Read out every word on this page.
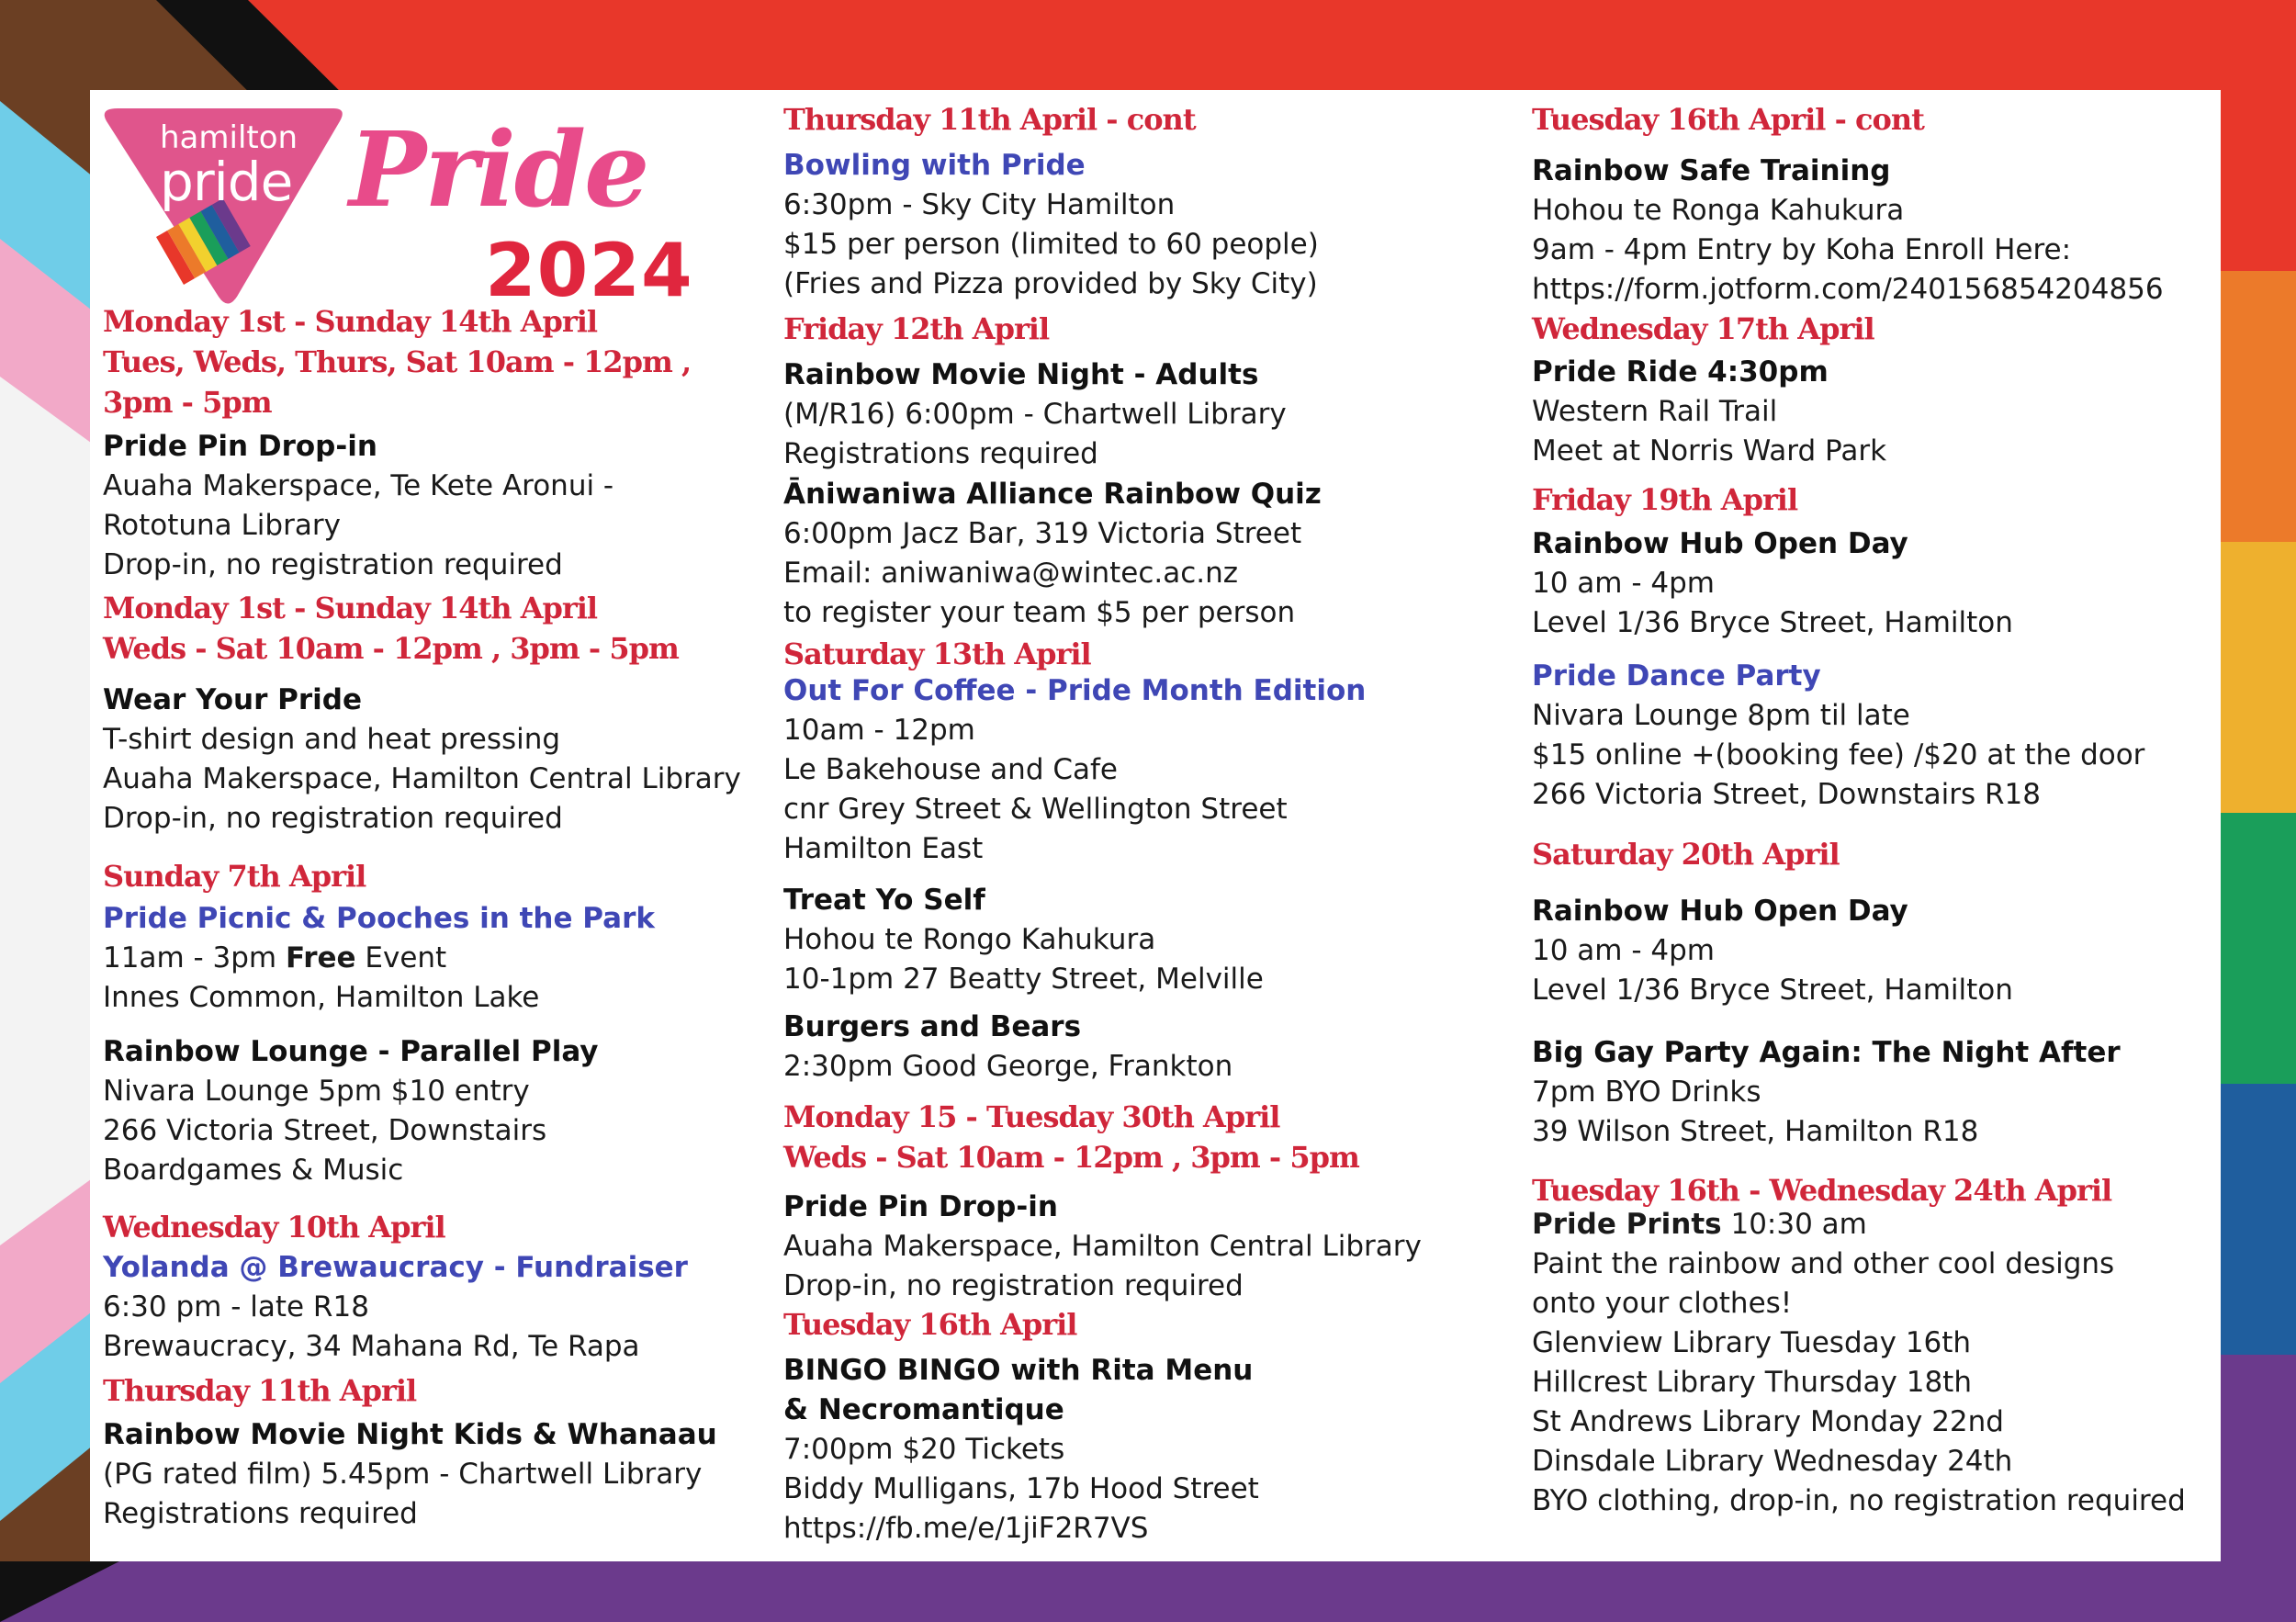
hamilton
pride Pride
2024
Monday 1st - Sunday 14th April
Tues, Weds, Thurs, Sat 10am - 12pm ,
3pm - 5pm
Pride Pin Drop-in
Auaha Makerspace, Te Kete Aronui -
Rototuna Library
Drop-in, no registration required
Monday 1st - Sunday 14th April
Weds - Sat 10am - 12pm , 3pm - 5pm
Wear Your Pride
T-shirt design and heat pressing
Auaha Makerspace, Hamilton Central Library
Drop-in, no registration required
Sunday 7th April
Pride Picnic & Pooches in the Park
11am - 3pm Free Event
Innes Common, Hamilton Lake
Rainbow Lounge - Parallel Play
Nivara Lounge 5pm $10 entry
266 Victoria Street, Downstairs
Boardgames & Music
Wednesday 10th April
Yolanda @ Brewaucracy - Fundraiser
6:30 pm - late R18
Brewaucracy, 34 Mahana Rd, Te Rapa
Thursday 11th April
Rainbow Movie Night Kids & Whanaau
(PG rated film) 5.45pm - Chartwell Library
Registrations required
Thursday 11th April - cont
Bowling with Pride
6:30pm - Sky City Hamilton
$15 per person (limited to 60 people)
(Fries and Pizza provided by Sky City)
Friday 12th April
Rainbow Movie Night - Adults
(M/R16) 6:00pm - Chartwell Library
Registrations required
Āniwaniwa Alliance Rainbow Quiz
6:00pm Jacz Bar, 319 Victoria Street
Email: aniwaniwa@wintec.ac.nz
to register your team $5 per person
Saturday 13th April
Out For Coffee - Pride Month Edition
10am - 12pm
Le Bakehouse and Cafe
cnr Grey Street & Wellington Street
Hamilton East
Treat Yo Self
Hohou te Rongo Kahukura
10-1pm 27 Beatty Street, Melville
Burgers and Bears
2:30pm Good George, Frankton
Monday 15 - Tuesday 30th April
Weds - Sat 10am - 12pm , 3pm - 5pm
Pride Pin Drop-in
Auaha Makerspace, Hamilton Central Library
Drop-in, no registration required
Tuesday 16th April
BINGO BINGO with Rita Menu
& Necromantique
7:00pm $20 Tickets
Biddy Mulligans, 17b Hood Street
https://fb.me/e/1jiF2R7VS
Tuesday 16th April - cont
Rainbow Safe Training
Hohou te Ronga Kahukura
9am - 4pm Entry by Koha Enroll Here:
https://form.jotform.com/240156854204856
Wednesday 17th April
Pride Ride 4:30pm
Western Rail Trail
Meet at Norris Ward Park
Friday 19th April
Rainbow Hub Open Day
10 am - 4pm
Level 1/36 Bryce Street, Hamilton
Pride Dance Party
Nivara Lounge 8pm til late
$15 online +(booking fee) /$20 at the door
266 Victoria Street, Downstairs R18
Saturday 20th April
Rainbow Hub Open Day
10 am - 4pm
Level 1/36 Bryce Street, Hamilton
Big Gay Party Again: The Night After
7pm BYO Drinks
39 Wilson Street, Hamilton R18
Tuesday 16th - Wednesday 24th April
Pride Prints 10:30 am
Paint the rainbow and other cool designs
onto your clothes!
Glenview Library Tuesday 16th
Hillcrest Library Thursday 18th
St Andrews Library Monday 22nd
Dinsdale Library Wednesday 24th
BYO clothing, drop-in, no registration required
